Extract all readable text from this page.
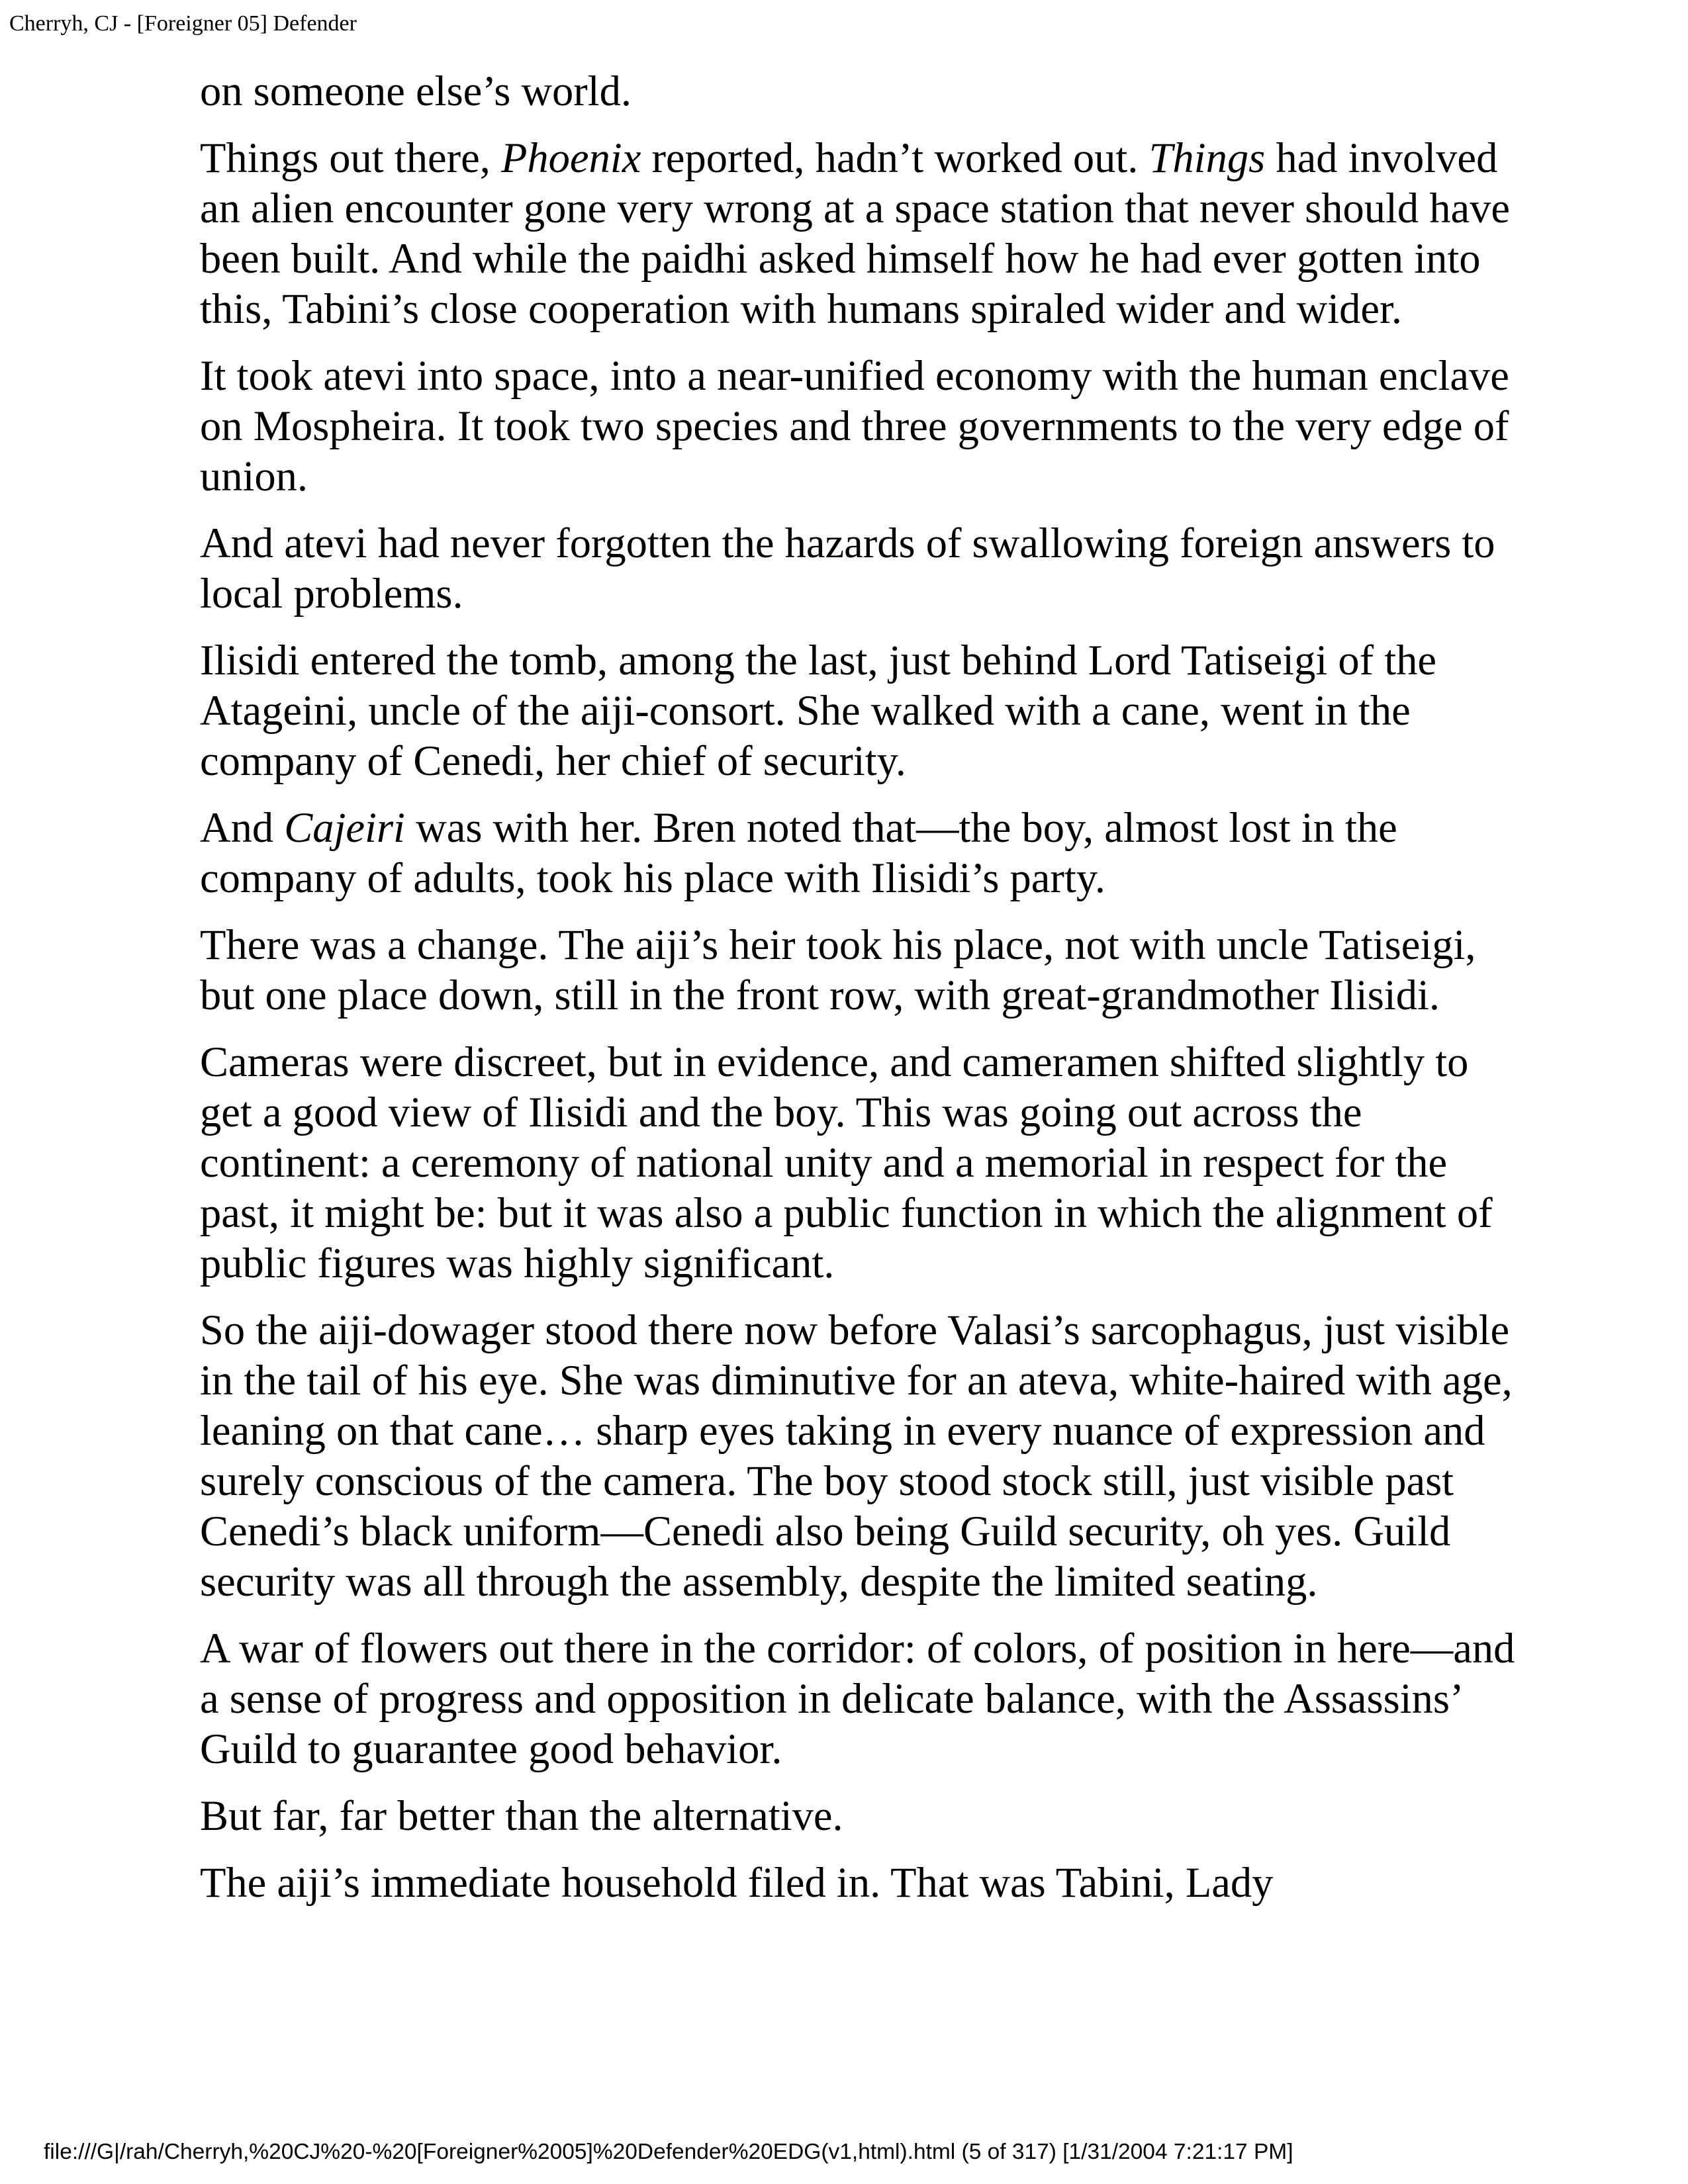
Cherryh, CJ - [Foreigner 05] Defender

on someone else’s world.

Things out there, Phoenix reported, hadn’t worked out. Things had involved an alien encounter gone very wrong at a space station that never should have been built. And while the paidhi asked himself how he had ever gotten into this, Tabini’s close cooperation with humans spiraled wider and wider.

It took atevi into space, into a near-unified economy with the human enclave on Mospheira. It took two species and three governments to the very edge of union.

And atevi had never forgotten the hazards of swallowing foreign answers to local problems.

Ilisidi entered the tomb, among the last, just behind Lord Tatiseigi of the Atageini, uncle of the aiji-consort. She walked with a cane, went in the company of Cenedi, her chief of security.

And Cajeiri was with her. Bren noted that—the boy, almost lost in the company of adults, took his place with Ilisidi’s party.

There was a change. The aiji’s heir took his place, not with uncle Tatiseigi, but one place down, still in the front row, with great-grandmother Ilisidi.

Cameras were discreet, but in evidence, and cameramen shifted slightly to get a good view of Ilisidi and the boy. This was going out across the continent: a ceremony of national unity and a memorial in respect for the past, it might be: but it was also a public function in which the alignment of public figures was highly significant.

So the aiji-dowager stood there now before Valasi’s sarcophagus, just visible in the tail of his eye. She was diminutive for an ateva, white-haired with age, leaning on that cane… sharp eyes taking in every nuance of expression and surely conscious of the camera. The boy stood stock still, just visible past Cenedi’s black uniform—Cenedi also being Guild security, oh yes. Guild security was all through the assembly, despite the limited seating.

A war of flowers out there in the corridor: of colors, of position in here—and a sense of progress and opposition in delicate balance, with the Assassins’ Guild to guarantee good behavior.

But far, far better than the alternative.

The aiji’s immediate household filed in. That was Tabini, Lady

file:///G|/rah/Cherryh,%20CJ%20-%20[Foreigner%2005]%20Defender%20EDG(v1,html).html (5 of 317) [1/31/2004 7:21:17 PM]
